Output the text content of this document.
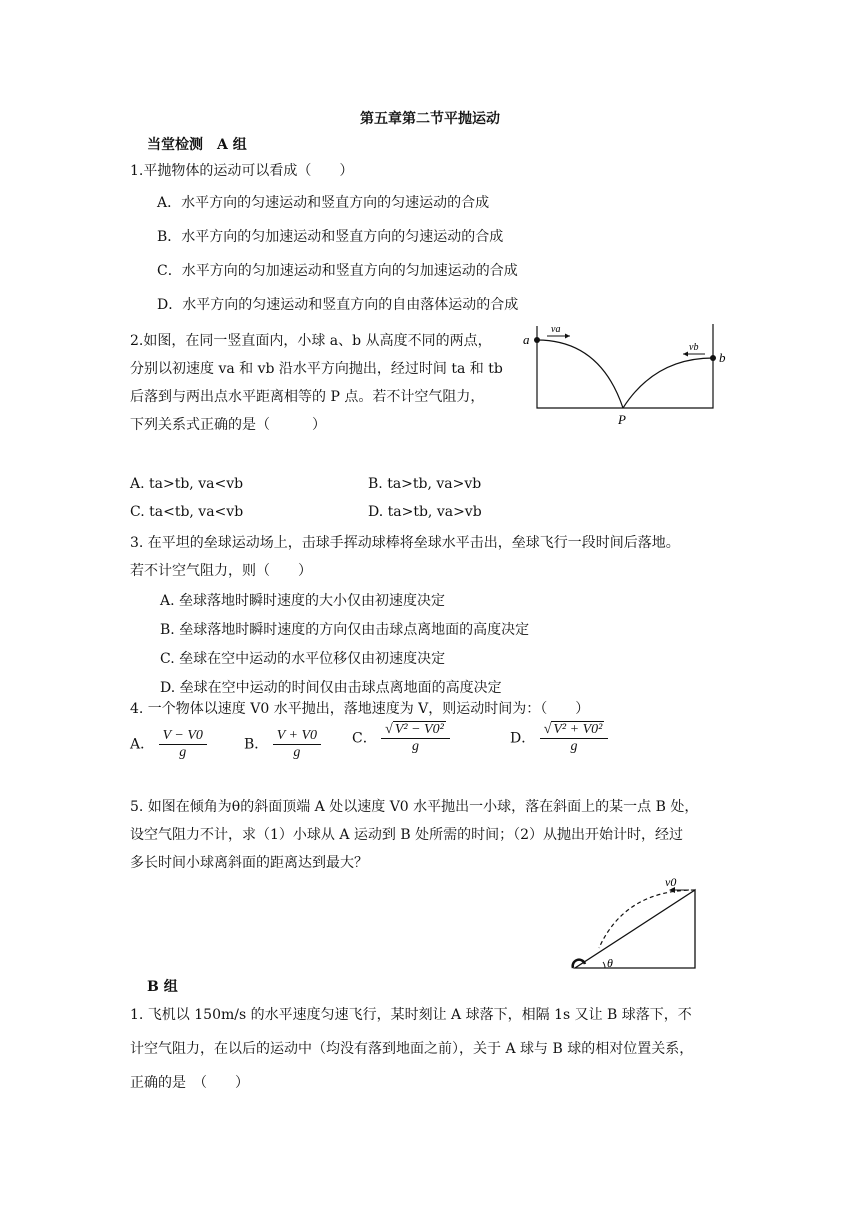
第五章第二节平抛运动
当堂检测　A 组
1.平抛物体的运动可以看成（　　）
A．水平方向的匀速运动和竖直方向的匀速运动的合成
B．水平方向的匀加速运动和竖直方向的匀速运动的合成
C．水平方向的匀加速运动和竖直方向的匀加速运动的合成
D．水平方向的匀速运动和竖直方向的自由落体运动的合成
2.如图，在同一竖直面内，小球 a、b 从高度不同的两点，
分别以初速度 va 和 vb 沿水平方向抛出，经过时间 ta 和 tb
后落到与两出点水平距离相等的 P 点。若不计空气阻力，
下列关系式正确的是（　　　）
a
b
P
va
vb
A. ta>tb, va<vb	B. ta>tb, va>vb
C. ta<tb, va<vb	D. ta>tb, va>vb
3. 在平坦的垒球运动场上，击球手挥动球棒将垒球水平击出，垒球飞行一段时间后落地。
若不计空气阻力，则（　　）
A. 垒球落地时瞬时速度的大小仅由初速度决定
B. 垒球落地时瞬时速度的方向仅由击球点离地面的高度决定
C. 垒球在空中运动的水平位移仅由初速度决定
D. 垒球在空中运动的时间仅由击球点离地面的高度决定
4. 一个物体以速度 V0 水平抛出，落地速度为 V，则运动时间为：（　　）
A． $\frac{V - V0}{g}$	B． $\frac{V + V0}{g}$ C． $\frac{\text{√ V² − V0²}}{g}$	D． $\frac{\text{√ V² + V0²}}{g}$
5. 如图在倾角为θ的斜面顶端 A 处以速度 V0 水平抛出一小球，落在斜面上的某一点 B 处，
设空气阻力不计，求（1）小球从 A 运动到 B 处所需的时间；（2）从抛出开始计时，经过
多长时间小球离斜面的距离达到最大？
v0
θ
B 组
1. 飞机以 150m/s 的水平速度匀速飞行，某时刻让 A 球落下，相隔 1s 又让 B 球落下，不
计空气阻力，在以后的运动中（均没有落到地面之前），关于 A 球与 B 球的相对位置关系，
正确的是　（　　）
